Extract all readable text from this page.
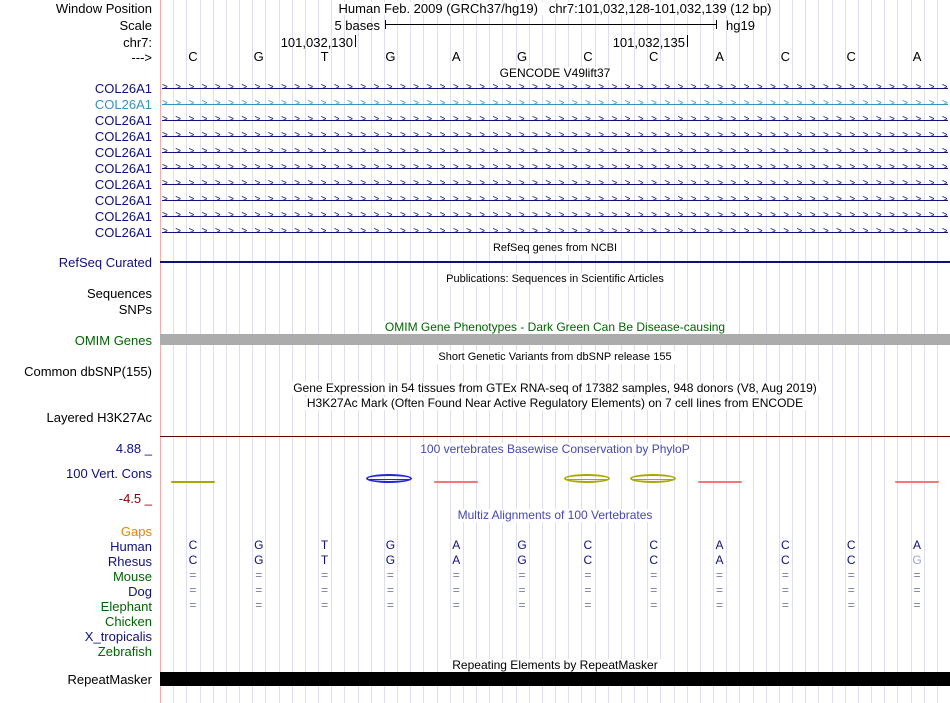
Window Position	Human Feb. 2009 (GRCh37/hg19) chr7:101,032,128-101,032,139 (12 bp)
Scale	5 bases	hg19
chr7:	101,032,130	101,032,135
--->	C	G	T	G	A	G	C	C	A	C	C	A
GENCODE V49lift37
COL26A1 > > > > > > > > > > > > > > > > > > > > > > > > > > > > > > > > > > > > > > > > > > > > > > > > > > > > > > > > > > > >
COL26A1 > > > > > > > > > > > > > > > > > > > > > > > > > > > > > > > > > > > > > > > > > > > > > > > > > > > > > > > > > > > >
COL26A1 > > > > > > > > > > > > > > > > > > > > > > > > > > > > > > > > > > > > > > > > > > > > > > > > > > > > > > > > > > > >
COL26A1 > > > > > > > > > > > > > > > > > > > > > > > > > > > > > > > > > > > > > > > > > > > > > > > > > > > > > > > > > > > >
COL26A1 > > > > > > > > > > > > > > > > > > > > > > > > > > > > > > > > > > > > > > > > > > > > > > > > > > > > > > > > > > > >
COL26A1 > > > > > > > > > > > > > > > > > > > > > > > > > > > > > > > > > > > > > > > > > > > > > > > > > > > > > > > > > > > >
COL26A1 > > > > > > > > > > > > > > > > > > > > > > > > > > > > > > > > > > > > > > > > > > > > > > > > > > > > > > > > > > > >
COL26A1 > > > > > > > > > > > > > > > > > > > > > > > > > > > > > > > > > > > > > > > > > > > > > > > > > > > > > > > > > > > >
COL26A1 > > > > > > > > > > > > > > > > > > > > > > > > > > > > > > > > > > > > > > > > > > > > > > > > > > > > > > > > > > > >
COL26A1 > > > > > > > > > > > > > > > > > > > > > > > > > > > > > > > > > > > > > > > > > > > > > > > > > > > > > > > > > > > >
RefSeq genes from NCBI
RefSeq Curated
Publications: Sequences in Scientific Articles
Sequences
SNPs
OMIM Gene Phenotypes - Dark Green Can Be Disease-causing
OMIM Genes
Short Genetic Variants from dbSNP release 155
Common dbSNP(155)
Gene Expression in 54 tissues from GTEx RNA-seq of 17382 samples, 948 donors (V8, Aug 2019)
H3K27Ac Mark (Often Found Near Active Regulatory Elements) on 7 cell lines from ENCODE
Layered H3K27Ac
4.88 _	100 vertebrates Basewise Conservation by PhyloP
100 Vert. Cons
-4.5 _
Multiz Alignments of 100 Vertebrates
Gaps
Human	C	G	T	G	A	G	C	C	A	C	C	A
Rhesus	C	G	T	G	A	G	C	C	A	C	C	G
Mouse	=	=	=	=	=	=	=	=	=	=	=	=
Dog	=	=	=	=	=	=	=	=	=	=	=	=
Elephant	=	=	=	=	=	=	=	=	=	=	=	=
Chicken
X_tropicalis
Zebrafish
Repeating Elements by RepeatMasker
RepeatMasker
